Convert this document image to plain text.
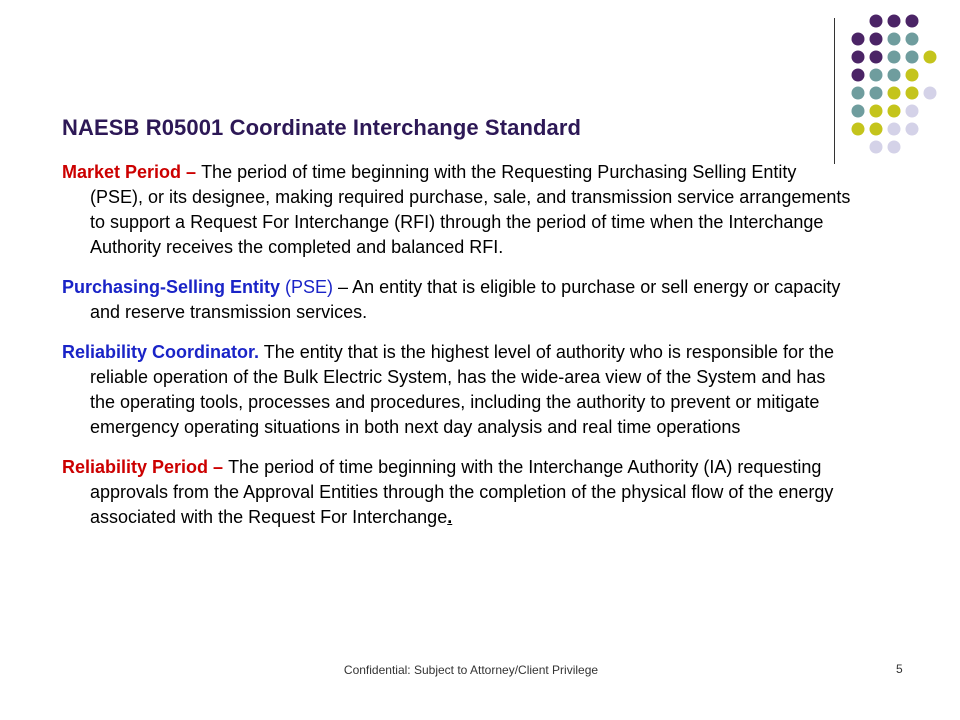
NAESB R05001 Coordinate Interchange Standard

Market Period – The period of time beginning with the Requesting Purchasing Selling Entity (PSE), or its designee, making required purchase, sale, and transmission service arrangements to support a Request For Interchange (RFI) through the period of time when the Interchange Authority receives the completed and balanced RFI.

Purchasing-Selling Entity (PSE) – An entity that is eligible to purchase or sell energy or capacity and reserve transmission services.

Reliability Coordinator. The entity that is the highest level of authority who is responsible for the reliable operation of the Bulk Electric System, has the wide-area view of the System and has the operating tools, processes and procedures, including the authority to prevent or mitigate emergency operating situations in both next day analysis and real time operations

Reliability Period – The period of time beginning with the Interchange Authority (IA) requesting approvals from the Approval Entities through the completion of the physical flow of the energy associated with the Request For Interchange.

Confidential: Subject to Attorney/Client Privilege	5
